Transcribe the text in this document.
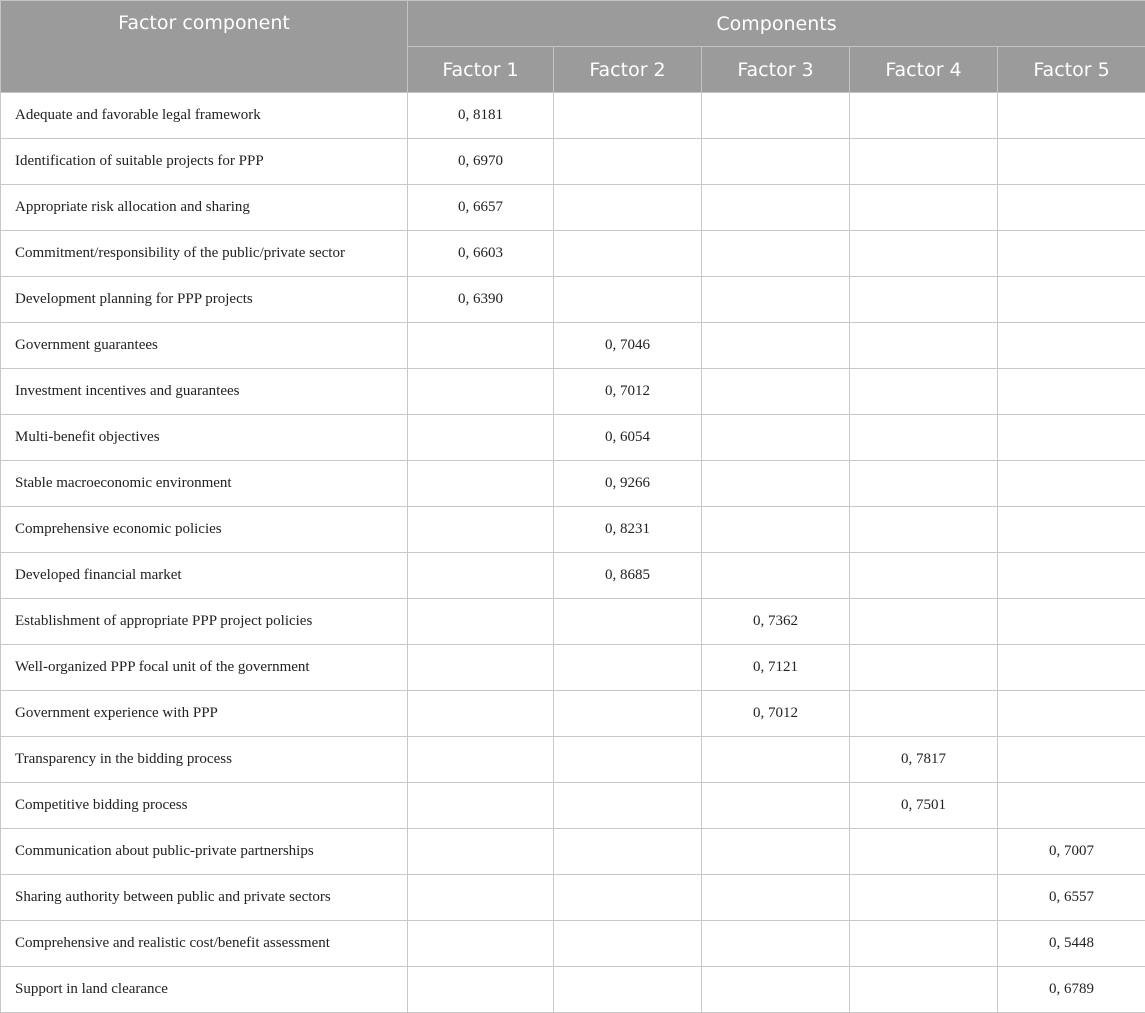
Factor component	Components				
	Factor 1	Factor 2	Factor 3	Factor 4	Factor 5
Adequate and favorable legal framework	0, 8181				
Identification of suitable projects for PPP	0, 6970				
Appropriate risk allocation and sharing	0, 6657				
Commitment/responsibility of the public/private sector	0, 6603				
Development planning for PPP projects	0, 6390				
Government guarantees		0, 7046			
Investment incentives and guarantees		0, 7012			
Multi-benefit objectives		0, 6054			
Stable macroeconomic environment		0, 9266			
Comprehensive economic policies		0, 8231			
Developed financial market		0, 8685			
Establishment of appropriate PPP project policies			0, 7362		
Well-organized PPP focal unit of the government			0, 7121		
Government experience with PPP			0, 7012		
Transparency in the bidding process				0, 7817	
Competitive bidding process				0, 7501	
Communication about public-private partnerships					0, 7007
Sharing authority between public and private sectors					0, 6557
Comprehensive and realistic cost/benefit assessment					0, 5448
Support in land clearance					0, 6789
